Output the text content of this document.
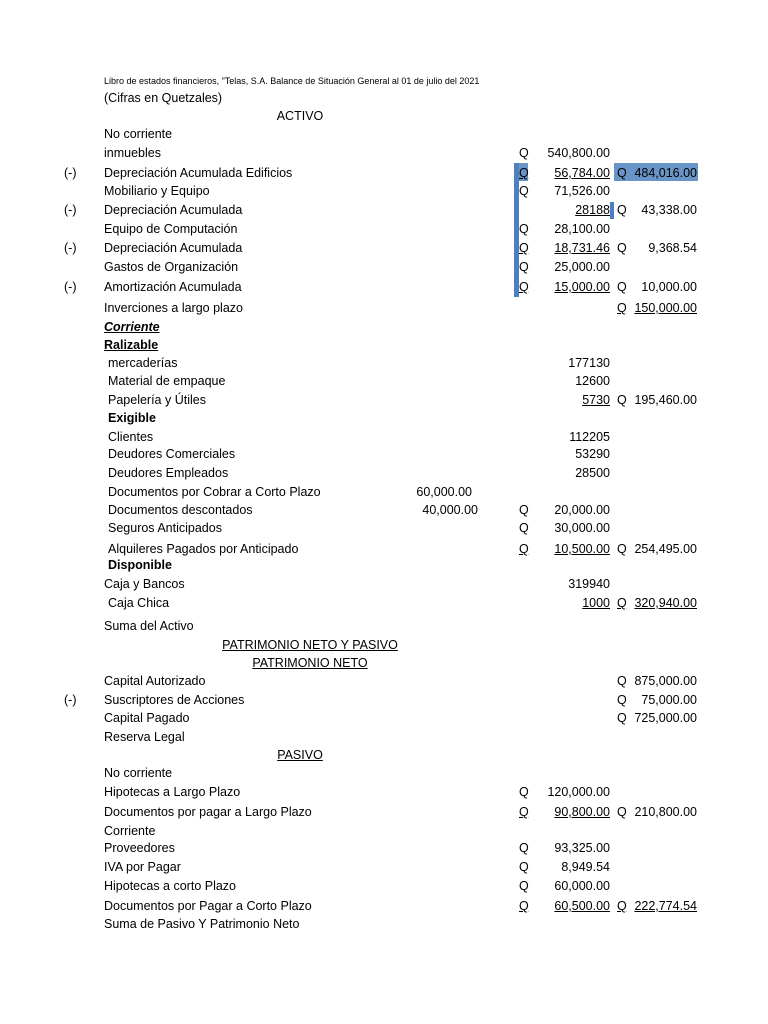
Libro de estados financieros, "Telas, S.A. Balance de Situación General al 01 de julio del 2021
(Cifras en Quetzales)
ACTIVO
No corriente
inmuebles	Q	540,800.00
(-) Depreciación Acumulada Edificios	Q	56,784.00 Q 484,016.00
Mobiliario y Equipo	Q	71,526.00
(-) Depreciación Acumulada	28188 Q	43,338.00
Equipo de Computación	Q	28,100.00
(-) Depreciación Acumulada	Q	18,731.46 Q	9,368.54
Gastos de Organización	Q	25,000.00
(-) Amortización Acumulada	Q	15,000.00 Q	10,000.00
Inverciones a largo plazo	Q 150,000.00
Corriente
Ralizable
mercaderías	177130
Material de empaque	12600
Papelería y Útiles	5730 Q 195,460.00
Exigible
Clientes	112205
Deudores Comerciales	53290
Deudores Empleados	28500
Documentos por Cobrar a Corto Plazo	60,000.00
Documentos descontados	40,000.00	Q	20,000.00
Seguros Anticipados	Q	30,000.00
Alquileres Pagados por Anticipado	Q	10,500.00 Q 254,495.00
Disponible
Caja y Bancos	319940
Caja Chica	1000 Q 320,940.00
Suma del Activo
PATRIMONIO NETO Y PASIVO
PATRIMONIO NETO
Capital Autorizado	Q 875,000.00
(-) Suscriptores de Acciones	Q	75,000.00
Capital Pagado	Q 725,000.00
Reserva Legal
PASIVO
No corriente
Hipotecas a Largo Plazo	Q	120,000.00
Documentos por pagar a Largo Plazo	Q	90,800.00 Q 210,800.00
Corriente
Proveedores	Q	93,325.00
IVA por Pagar	Q	8,949.54
Hipotecas a corto Plazo	Q	60,000.00
Documentos por Pagar a Corto Plazo	Q	60,500.00 Q 222,774.54
Suma de Pasivo Y Patrimonio Neto
